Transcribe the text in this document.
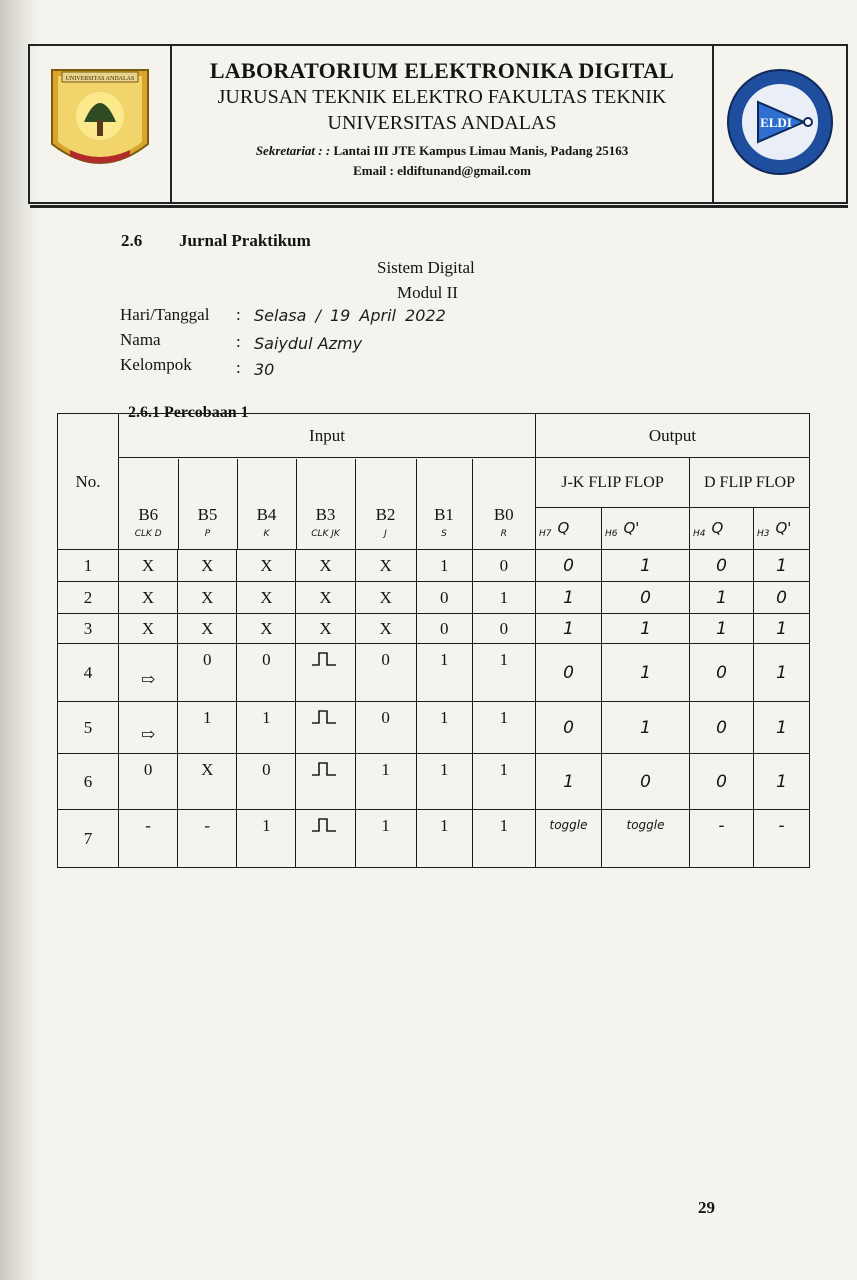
UNIVERSITAS ANDALAS	LABORATORIUM ELEKTRONIKA DIGITAL
JURUSAN TEKNIK ELEKTRO FAKULTAS TEKNIK
UNIVERSITAS ANDALAS
Sekretariat : : Lantai III JTE Kampus Limau Manis, Padang 25163
Email : eldiftunand@gmail.com
ELDI
2.6 Jurnal Praktikum
Sistem Digital
Modul II
Hari/Tanggal : Selasa / 19 April 2022
Nama	: Saiydul Azmy
Kelompok	: 30
2.6.1 Percobaan 1
No.	Input	Output

B6	B5	B4	B3	B2	B1	B0
CLK D	P	K	CLK JK	J	S	R
	J-K FLIP FLOP	D FLIP FLOP
H7 Q	H6 Q'	H4 Q	H3 Q'
1	X	X	X	X	X	1	0	0	1	0	1
2	X	X	X	X	X	0	1	1	0	1	0
3	X	X	X	X	X	0	0	1	1	1	1
4	⇨	0	0		0	1	1	0	1	0	1
5	⇨	1	1		0	1	1	0	1	0	1
6	0	X	0		1	1	1	1	0	0	1
7	-	-	1		1	1	1	toggle	toggle	-	-
29
